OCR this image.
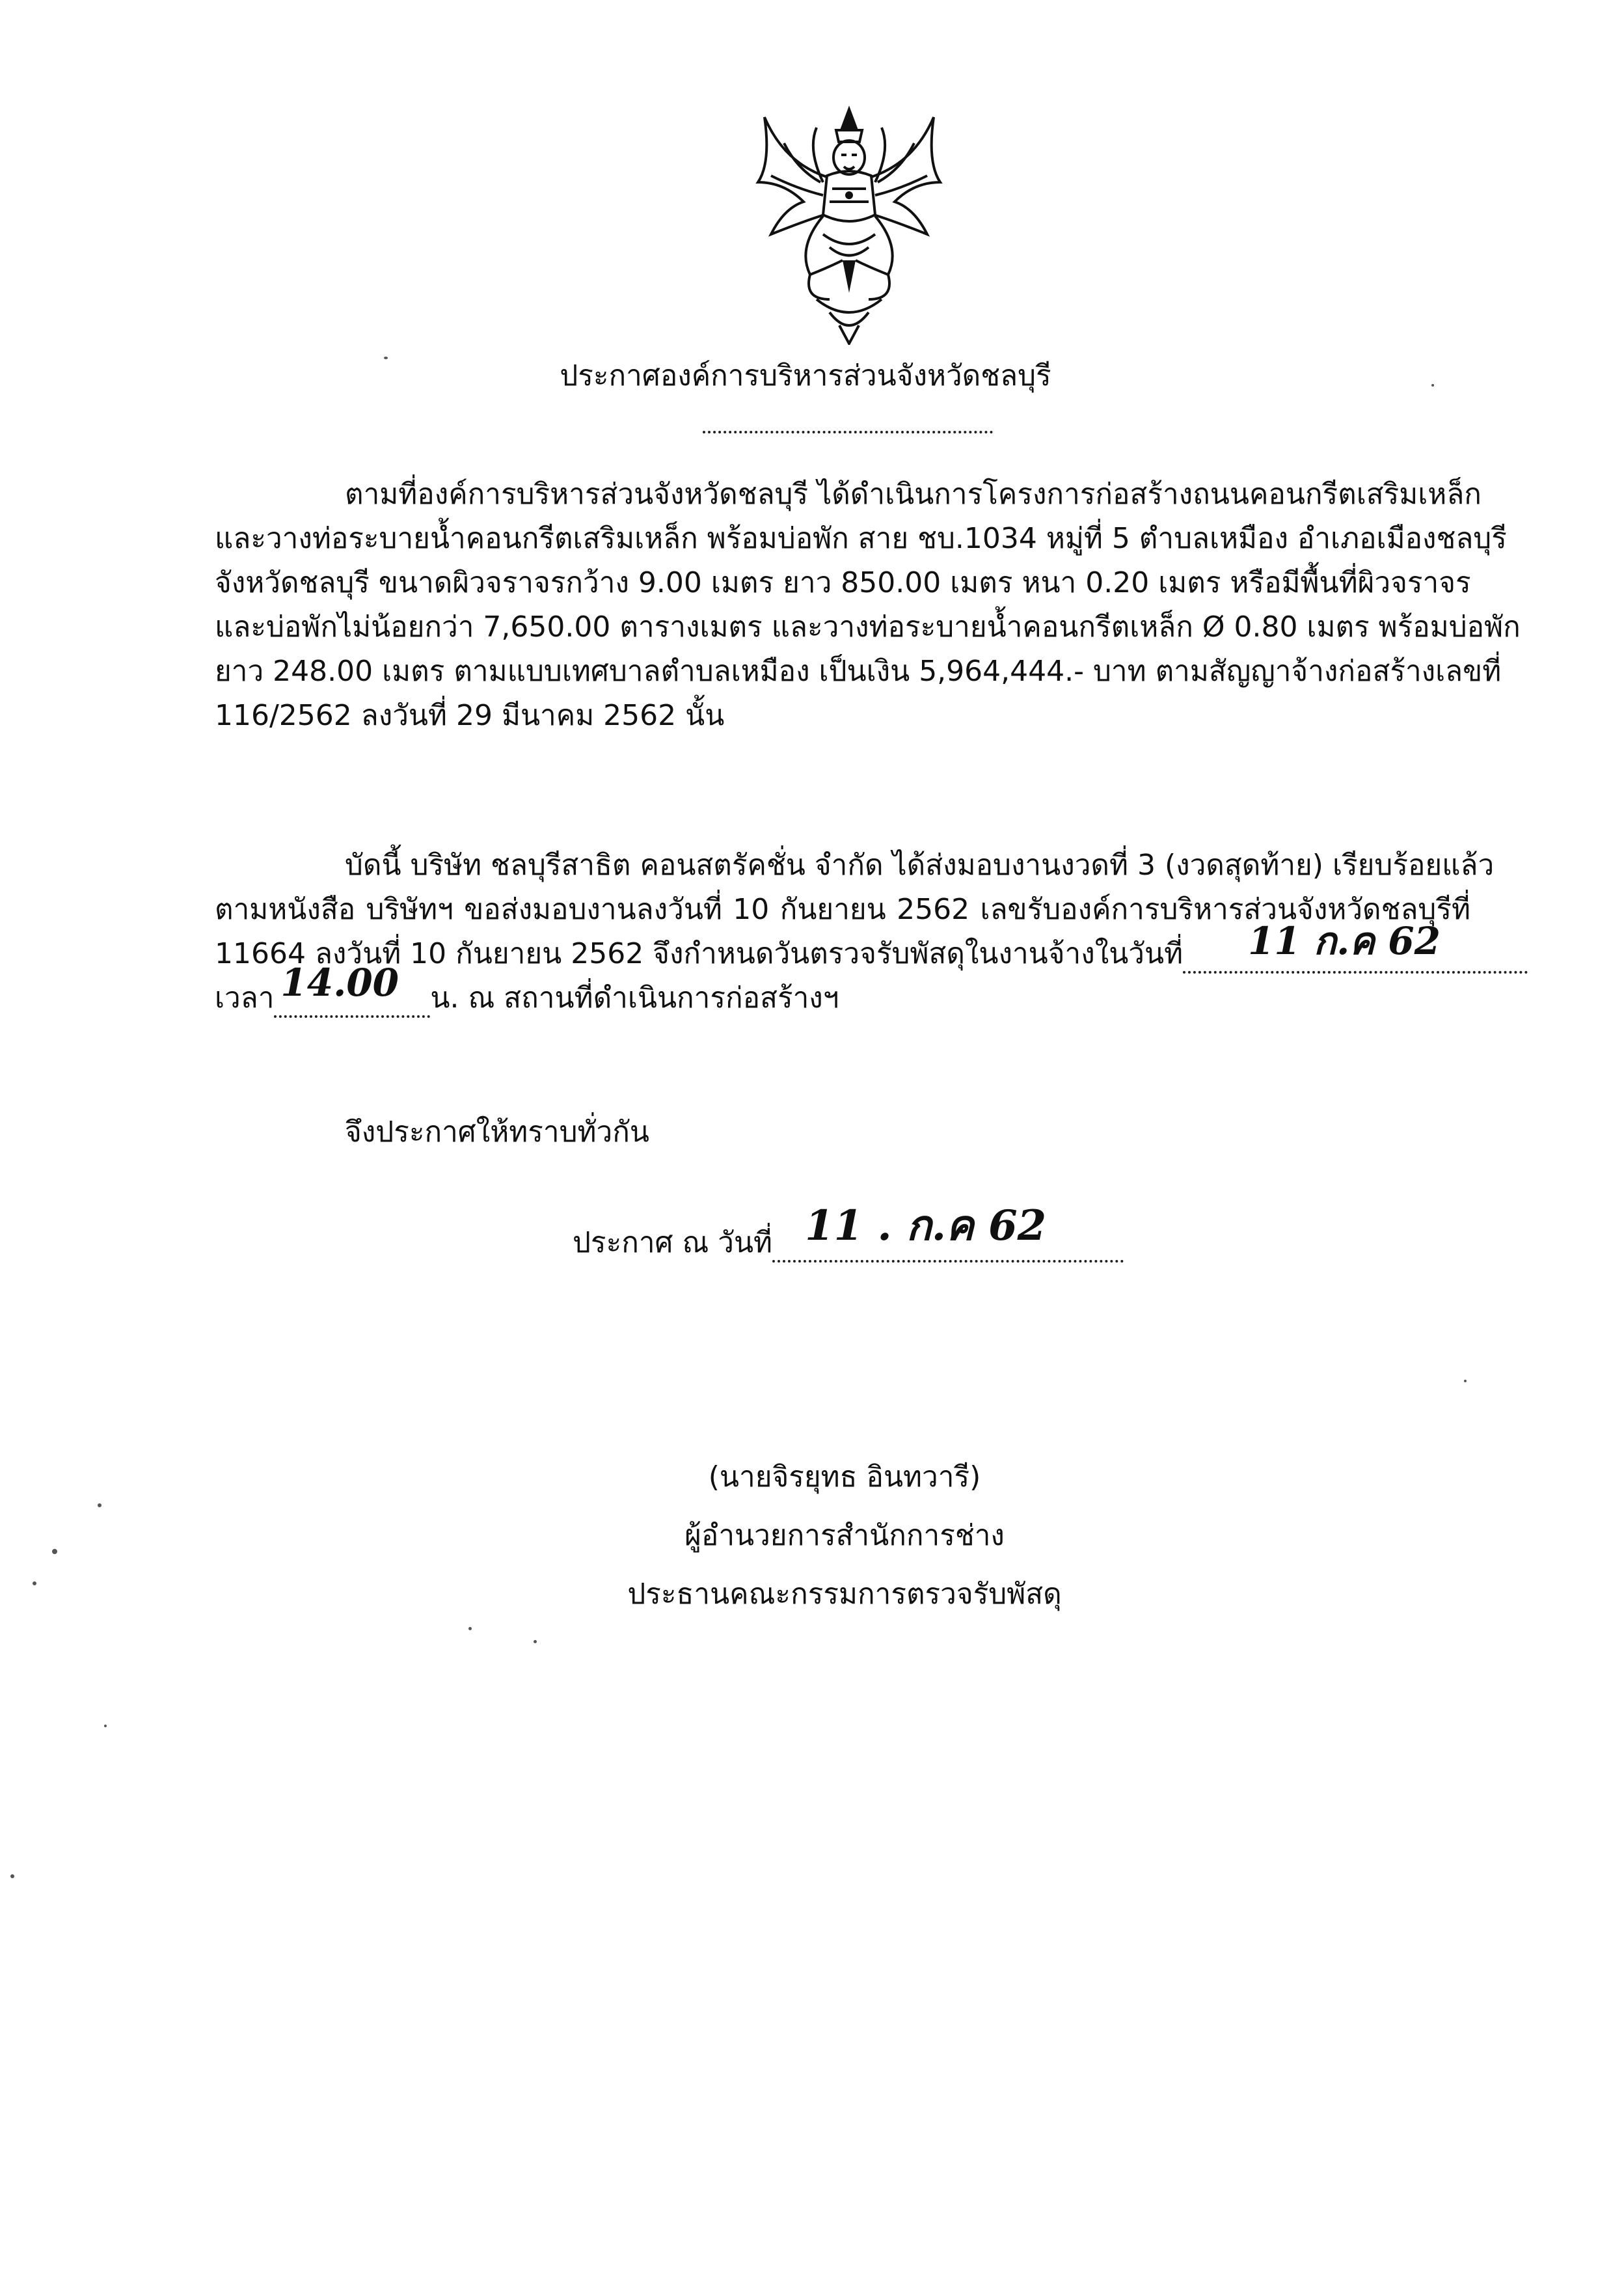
ประกาศองค์การบริหารส่วนจังหวัดชลบุรี
ตามที่องค์การบริหารส่วนจังหวัดชลบุรี ได้ดำเนินการโครงการก่อสร้างถนนคอนกรีตเสริมเหล็ก
และวางท่อระบายน้ำคอนกรีตเสริมเหล็ก พร้อมบ่อพัก สาย ชบ.1034 หมู่ที่ 5 ตำบลเหมือง อำเภอเมืองชลบุรี
จังหวัดชลบุรี ขนาดผิวจราจรกว้าง 9.00 เมตร ยาว 850.00 เมตร หนา 0.20 เมตร หรือมีพื้นที่ผิวจราจร
และบ่อพักไม่น้อยกว่า 7,650.00 ตารางเมตร และวางท่อระบายน้ำคอนกรีตเหล็ก Ø 0.80 เมตร พร้อมบ่อพัก
ยาว 248.00 เมตร ตามแบบเทศบาลตำบลเหมือง เป็นเงิน 5,964,444.- บาท ตามสัญญาจ้างก่อสร้างเลขที่
116/2562 ลงวันที่ 29 มีนาคม 2562 นั้น
บัดนี้ บริษัท ชลบุรีสาธิต คอนสตรัคชั่น จำกัด ได้ส่งมอบงานงวดที่ 3 (งวดสุดท้าย) เรียบร้อยแล้ว
ตามหนังสือ บริษัทฯ ขอส่งมอบงานลงวันที่ 10 กันยายน 2562 เลขรับองค์การบริหารส่วนจังหวัดชลบุรีที่
11664 ลงวันที่ 10 กันยายน 2562 จึงกำหนดวันตรวจรับพัสดุในงานจ้างในวันที่ 11 ก.ค 62
เวลา 14.00 น. ณ สถานที่ดำเนินการก่อสร้างฯ
จึงประกาศให้ทราบทั่วกัน
ประกาศ ณ วันที่ 11 . ก.ค 62
(นายจิรยุทธ อินทวารี)
ผู้อำนวยการสำนักการช่าง
ประธานคณะกรรมการตรวจรับพัสดุ
